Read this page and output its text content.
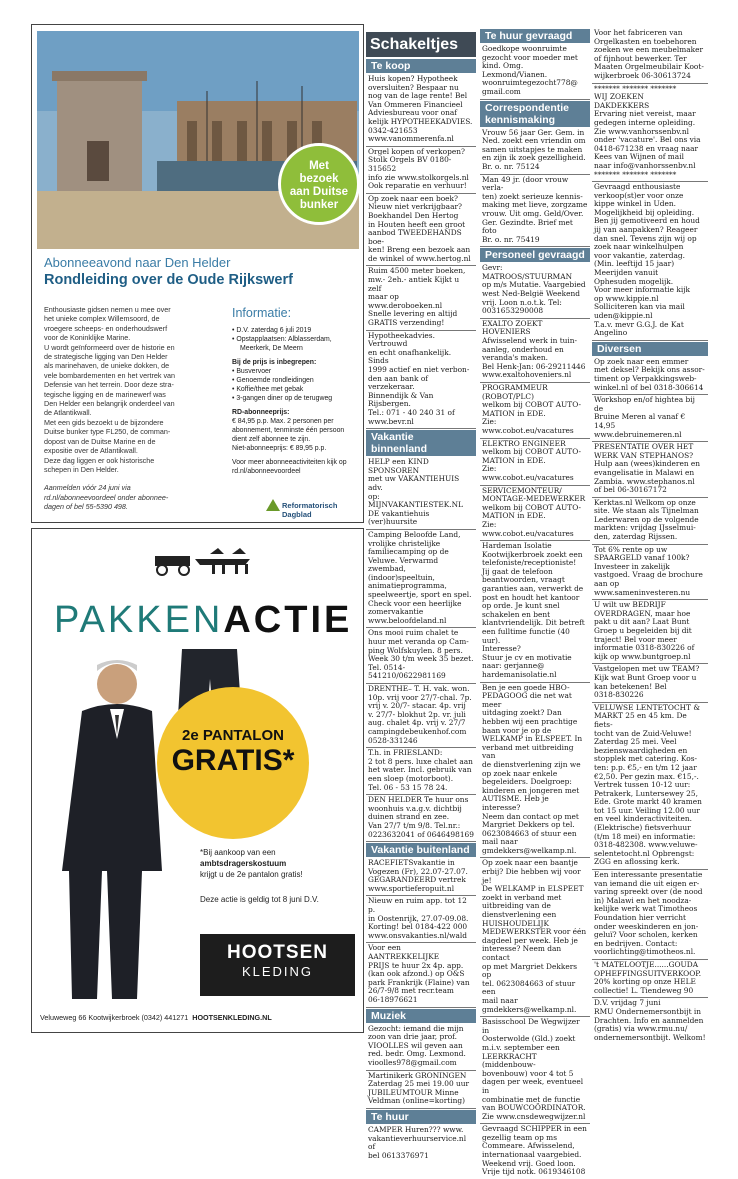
Met
bezoek
aan Duitse
bunker
Abonneeavond naar Den Helder
Rondleiding over de Oude Rijkswerf
Enthousiaste gidsen nemen u mee over
het unieke complex Willemsoord, de
vroegere scheeps- en onderhoudswerf
voor de Koninklijke Marine.
U wordt geïnformeerd over de historie en
de strategische ligging van Den Helder
als marinehaven, de unieke dokken, de
vele bombardementen en het vertrek van
Defensie van het terrein. Door deze stra-
tegische ligging en de marinewerf was
Den Helder een belangrijk onderdeel van
de Atlantikwall.
Met een gids bezoekt u de bijzondere
Duitse bunker type FL250, de comman-
dopost van de Duitse Marine en de
expositie over de Atlantikwall.
Deze dag liggen er ook historische
schepen in Den Helder.
Aanmelden vóór 24 juni via
rd.nl/abonneevoordeel onder abonnee-
dagen of bel 55-5390 498.
Informatie:
• D.V. zaterdag 6 juli 2019
• Opstapplaatsen: Alblasserdam,
Meerkerk, De Meern
Bij de prijs is inbegrepen:
• Busvervoer
• Genoemde rondleidingen
• Koffie/thee met gebak
• 3-gangen diner op de terugweg
RD-abonneeprijs:
€ 84,95 p.p. Max. 2 personen per
abonnement, tenminste één persoon
dient zelf abonnee te zijn.
Niet-abonneeprijs: € 89,95 p.p.
Voor meer abonneeactiviteiten kijk op
rd.nl/abonneevoordeel
Reformatorisch Dagblad
PAKKENACTIE
2e PANTALON
GRATIS*
*Bij aankoop van een
ambtsdragerskostuum
krijgt u de 2e pantalon gratis!
Deze actie is geldig tot 8 juni D.V.
HOOTSEN
KLEDING
Veluweweg 66 Kootwijkerbroek (0342) 441271 HOOTSENKLEDING.NL
Schakeltjes
Te koop
Huis kopen? Hypotheek
oversluiten? Bespaar nu
nog van de lage rente! Bel
Van Ommeren Financieel
Adviesbureau voor onaf
kelijk HYPOTHEEKADVIES.
0342-421653
www.vanommerenfa.nl
Orgel kopen of verkopen?
Stolk Orgels BV 0180-315652
info zie www.stolkorgels.nl
Ook reparatie en verhuur!
Op zoek naar een boek?
Nieuw niet verkrijgbaar?
Boekhandel Den Hertog
in Houten heeft een groot
aanbod TWEEDEHANDS boe-
ken! Breng een bezoek aan
de winkel of www.hertog.nl
Ruim 4500 meter boeken,
mw.- 2eh.- antiek Kijkt u zelf
maar op www.deroboeken.nl
Snelle levering en altijd
GRATIS verzending!
Hypotheekadvies. Vertrouwd
en echt onafhankelijk. Sinds
1999 actief en niet verbon-
den aan bank of verzekeraar.
Binnendijk & Van Rijsbergen.
Tel.: 071 - 40 240 31 of
www.bevr.nl
Vakantie binnenland
HELP een KIND SPONSOREN
met uw VAKANTIEHUIS adv.
op: MIJNVAKANTIESTEK.NL
DE vakantiehuis (ver)huursite
Camping Beloofde Land,
vrolijke christelijke
familiecamping op de
Veluwe. Verwarmd
zwembad, (indoor)speeltuin,
animatieprogramma,
speelweertje, sport en spel.
Check voor een heerlijke
zomervakantie
www.beloofdeland.nl
Ons mooi ruim chalet te
huur met veranda op Cam-
ping Wolfskuylen. 8 pers.
Week 30 t/m week 35 bezet.
Tel. 0514-541210/0622981169
DRENTHE– T. H. vak. won.
10p. vrij voor 27/7-chal. 7p.
vrij v. 20/7- stacar. 4p. vrij
v. 27/7- blokhut 2p. vr. juli
aug. chalet 4p. vrij v. 27/7
campingdebeukenhof.com
0528-331246
T.h. in FRIESLAND:
2 tot 8 pers. luxe chalet aan
het water. Incl. gebruik van
een sloep (motorboot).
Tel. 06 - 53 15 78 24.
DEN HELDER Te huur ons
woonhuis v.a.g.v. dichtbij
duinen strand en zee.
Van 27/7 t/m 9/8. Tel.nr.:
0223632041 of 0646498169
Vakantie buitenland
RACEFIETSvakantie in
Vogezen (Fr), 22.07-27.07.
GEGARANDEERD vertrek
www.sportieferopuit.nl
Nieuw en ruim app. tot 12 p.
in Oostenrijk, 27.07-09.08.
Korting! bel 0184-422 000
www.onsvakanties.nl/wald
Voor een AANTREKKELIJKE
PRIJS te huur 2x 4p. app.
(kan ook afzond.) op O&S
park Frankrijk (Flaine) van
26/7-9/8 met recr.team
06-18976621
Muziek
Gezocht: iemand die mijn
zoon van drie jaar, prof.
VIOOLLES wil geven aan
red. bedr. Omg. Lexmond.
vioolles978@gmail.com
Martinikerk GRONINGEN
Zaterdag 25 mei 19.00 uur
JUBILEUMTOUR Minne
Veldman (online=korting)
Te huur
CAMPER Huren??? www.
vakantieverhuurservice.nl of
bel 0613376971
Te huur gevraagd
Goedkope woonruimte
gezocht voor moeder met
kind. Omg. Lexmond/Vianen.
woonruimtegezocht778@
gmail.com
Correspondentie kennismaking
Vrouw 56 jaar Ger. Gem. in
Ned. zoekt een vriendin om
samen uitstapjes te maken
en zijn ik zoek gezelligheid.
Br. o. nr. 75124
Man 49 jr. (door vrouw verla-
ten) zoekt serieuze kennis-
making met lieve, zorgzame
vrouw. Uit omg. Geld/Over.
Ger. Gezindte. Brief met foto
Br. o. nr. 75419
Personeel gevraagd
Gevr: MATROOS/STUURMAN
op m/s Mutatie. Vaargebied
west Ned-België Weekend
vrij. Loon n.o.t.k. Tel:
0031653290008
EXALTO ZOEKT HOVENIERS
Afwisselend werk in tuin-
aanleg, onderhoud en
veranda's maken.
Bel Henk-Jan: 06-29211446
www.exaltohoveniers.nl
PROGRAMMEUR (ROBOT/PLC)
welkom bij COBOT AUTO-
MATION in EDE.
Zie: www.cobot.eu/vacatures
ELEKTRO ENGINEER
welkom bij COBOT AUTO-
MATION in EDE.
Zie: www.cobot.eu/vacatures
SERVICEMONTEUR/
MONTAGE-MEDEWERKER
welkom bij COBOT AUTO-
MATION in EDE.
Zie: www.cobot.eu/vacatures
Hardeman Isolatie
Kootwijkerbroek zoekt een
telefoniste/receptioniste!
Jij gaat de telefoon
beantwoorden, vraagt
garanties aan, verwerkt de
post en houdt het kantoor
op orde. Je kunt snel
schakelen en bent
klantvriendelijk. Dit betreft
een fulltime functie (40 uur).
Interesse?
Stuur je cv en motivatie
naar: gerjanne@
hardemanisolatie.nl
Ben je een goede HBO-
PEDAGOOG die net wat meer
uitdaging zoekt? Dan
hebben wij een prachtige
baan voor je op de
WELKAMP in ELSPEET. In
verband met uitbreiding van
de dienstverlening zijn we
op zoek naar enkele
begeleiders. Doelgroep:
kinderen en jongeren met
AUTISME. Heb je interesse?
Neem dan contact op met
Margriet Dekkers op tel.
0623084663 of stuur een
mail naar
gmdekkers@welkamp.nl.
Op zoek naar een baantje
erbij? Die hebben wij voor je!
De WELKAMP in ELSPEET
zoekt in verband met
uitbreiding van de
dienstverlening een
HUISHOUDELIJK
MEDEWERKSTER voor één
dagdeel per week. Heb je
interesse? Neem dan contact
op met Margriet Dekkers op
tel. 0623084663 of stuur een
mail naar
gmdekkers@welkamp.nl.
Basisschool De Wegwijzer in
Oosterwolde (Gld.) zoekt
m.i.v. september een
LEERKRACHT (middenbouw-
bovenbouw) voor 4 tot 5
dagen per week, eventueel in
combinatie met de functie
van BOUWCOÖRDINATOR.
Zie www.cnsdewegwijzer.nl
Gevraagd SCHIPPER in een
gezellig team op ms
Commeare. Afwisselend,
internationaal vaargebied.
Weekend vrij. Goed loon.
Vrije tijd notk. 0619346108
Voor het fabriceren van
Orgelkasten en toebehoren
zoeken we een meubelmaker
of fijnhout bewerker. Ter
Maaten Orgelmeubilair Koot-
wijkerbroek 06-30613724
******* ******* *******
WIJ ZOEKEN
DAKDEKKERS
Ervaring niet vereist, maar
gedegen interne opleiding.
Zie www.vanhorssenbv.nl
onder 'vacature'. Bel ons via
0418-671238 en vraag naar
Kees van Wijnen of mail
naar info@vanhorssenbv.nl
******* ******* *******
Gevraagd enthousiaste
verkoop(st)er voor onze
kippe winkel in Uden.
Mogelijkheid bij opleiding.
Ben jij gemotiveerd en houd
jij van aanpakken? Reageer
dan snel. Tevens zijn wij op
zoek naar winkelhulpen
voor vakantie, zaterdag.
(Min. leeftijd 15 jaar)
Meerijden vanuit
Ophesuden mogelijk.
Voor meer informatie kijk
op www.kippie.nl
Solliciteren kan via mail
uden@kippie.nl
T.a.v. mevr G.G.J. de Kat
Angelino
Diversen
Op zoek naar een emmer
met deksel? Bekijk ons assor-
timent op Verpakkingsweb-
winkel.nl of bel 0318-306614
Workshop en/of hightea bij de
Bruine Meren al vanaf € 14,95
www.debruinemeren.nl
PRESENTATIE OVER HET
WERK VAN STEPHANOS?
Hulp aan (wees)kinderen en
evangelisatie in Malawi en
Zambia. www.stephanos.nl
of bel 06-30167172
Kerktas.nl Welkom op onze
site. We staan als Tijnelman
Lederwaren op de volgende
markten: vrijdag IJsselmui-
den, zaterdag Rijssen.
Tot 6% rente op uw
SPAARGELD vanaf 100k?
Investeer in zakelijk
vastgoed. Vraag de brochure
aan op
www.sameninvesteren.nu
U wilt uw BEDRIJF
OVERDRAGEN, maar hoe
pakt u dit aan? Laat Bunt
Groep u begeleiden bij dit
traject! Bel voor meer
informatie 0318-830226 of
kijk op www.buntgroep.nl
Vastgelopen met uw TEAM?
Kijk wat Bunt Groep voor u
kan betekenen! Bel
0318-830226
VELUWSE LENTETOCHT &
MARKT 25 en 45 km. De fiets-
tocht van de Zuid-Veluwe!
Zaterdag 25 mei. Veel
bezienswaardigheden en
stopplek met catering. Kos-
ten: p.p. €5,- en t/m 12 jaar
€2,50. Per gezin max. €15,-.
Vertrek tussen 10-12 uur:
Petrakerk, Luntersewey 25,
Ede. Grote markt 40 kramen
tot 15 uur. Veiling 12.00 uur
en veel kinderactiviteiten.
(Elektrische) fietsverhuur
(t/m 18 mei) en informatie:
0318-482308. www.veluwe-
selentetocht.nl Opbrengst:
ZGG en aflossing kerk.
Een interessante presentatie
van iemand die uit eigen er-
varing spreekt over (de nood
in) Malawi en het noodza-
kelijke werk wat Timotheos
Foundation hier verricht
onder weeskinderen en jon-
geluï? Voor scholen, kerken
en bedrijven. Contact:
voorlichting@timotheos.nl.
't MATELOOTJE......GOUDA
OPHEFFINGSUITVERKOOP.
20% korting op onze HELE
collectie! L. Tiendeweg 90
D.V. vrijdag 7 juni
RMU Ondernemersontbijt in
Drachten. Info en aanmelden
(gratis) via www.rmu.nu/
ondernemersontbijt. Welkom!
